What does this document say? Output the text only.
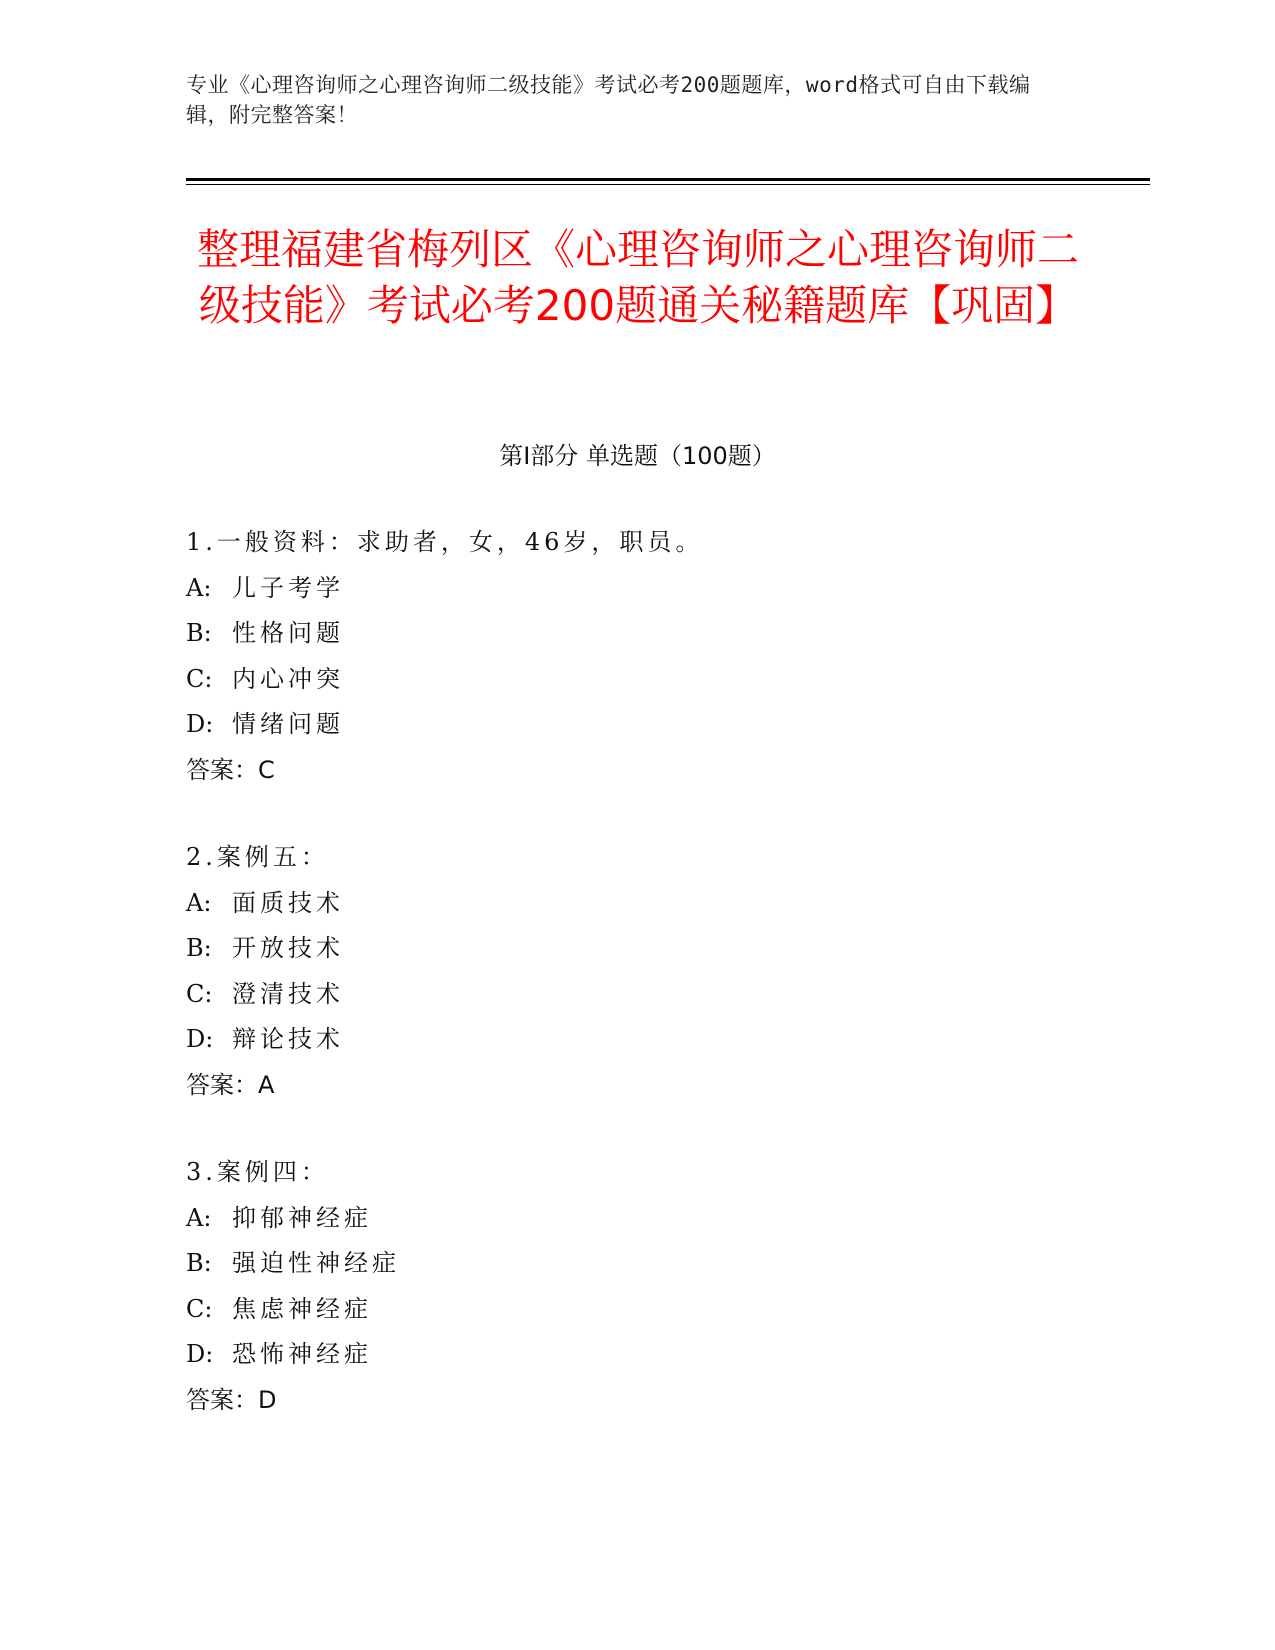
专业《心理咨询师之心理咨询师二级技能》考试必考200题题库，word格式可自由下载编辑，附完整答案！
整理福建省梅列区《心理咨询师之心理咨询师二级技能》考试必考200题通关秘籍题库【巩固】
第Ⅰ部分 单选题（100题）
1.一般资料：求助者，女，46岁，职员。
A: 儿子考学
B: 性格问题
C: 内心冲突
D: 情绪问题
答案：C
2.案例五：
A: 面质技术
B: 开放技术
C: 澄清技术
D: 辩论技术
答案：A
3.案例四：
A: 抑郁神经症
B: 强迫性神经症
C: 焦虑神经症
D: 恐怖神经症
答案：D
